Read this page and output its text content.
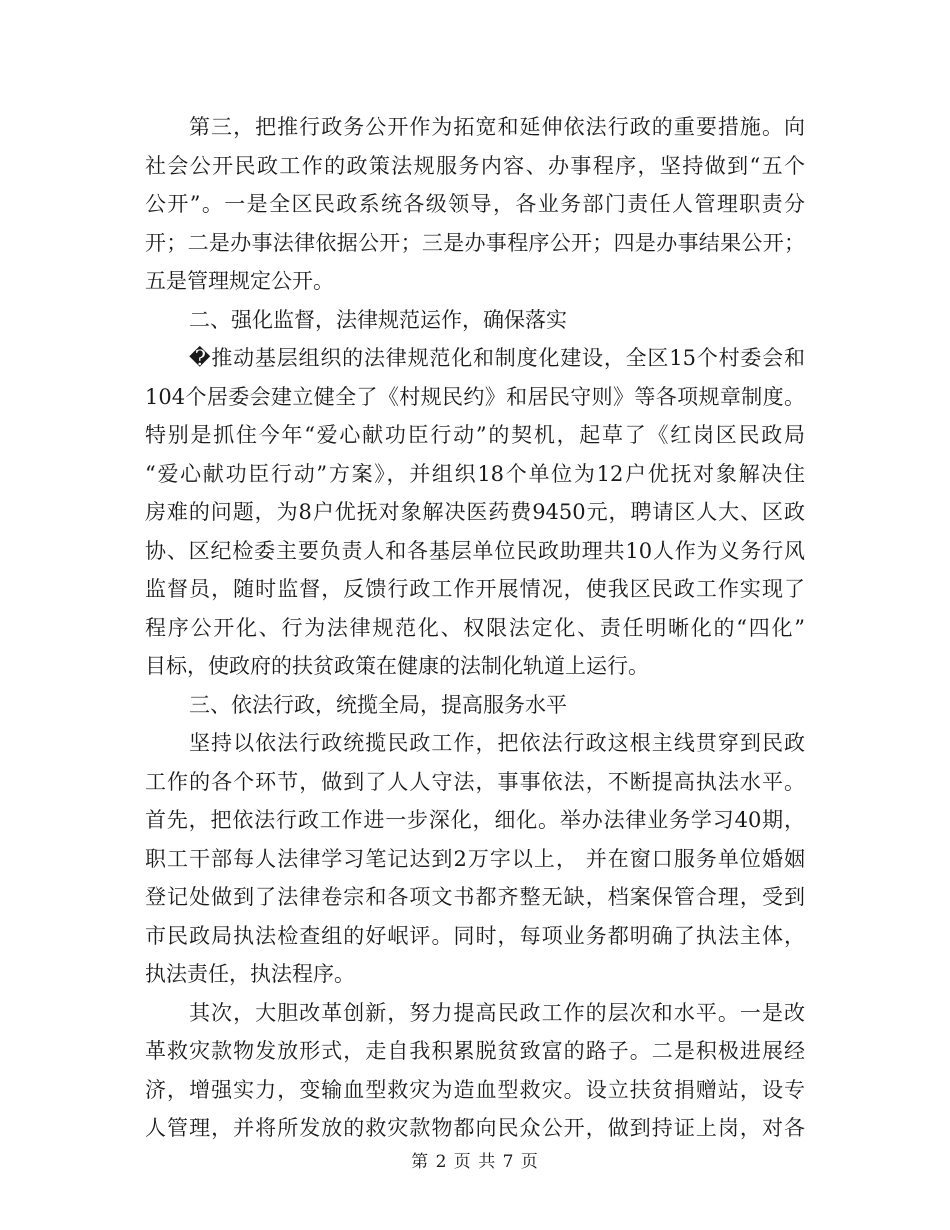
第三，把推行政务公开作为拓宽和延伸依法行政的重要措施。向
社会公开民政工作的政策法规服务内容、办事程序，坚持做到“五个
公开”。一是全区民政系统各级领导，各业务部门责任人管理职责分
开；二是办事法律依据公开；三是办事程序公开；四是办事结果公开；
五是管理规定公开。
二、强化监督，法律规范运作，确保落实
�推动基层组织的法律规范化和制度化建设，全区15个村委会和
104个居委会建立健全了《村规民约》和居民守则》等各项规章制度。
特别是抓住今年“爱心献功臣行动”的契机，起草了《红岗区民政局
“爱心献功臣行动”方案》，并组织18个单位为12户优抚对象解决住
房难的问题，为8户优抚对象解决医药费9450元，聘请区人大、区政
协、区纪检委主要负责人和各基层单位民政助理共10人作为义务行风
监督员，随时监督，反馈行政工作开展情况，使我区民政工作实现了
程序公开化、行为法律规范化、权限法定化、责任明晰化的“四化”
目标，使政府的扶贫政策在健康的法制化轨道上运行。
三、依法行政，统揽全局，提高服务水平
坚持以依法行政统揽民政工作，把依法行政这根主线贯穿到民政
工作的各个环节，做到了人人守法，事事依法，不断提高执法水平。
首先，把依法行政工作进一步深化，细化。举办法律业务学习40期，
职工干部每人法律学习笔记达到2万字以上， 并在窗口服务单位婚姻
登记处做到了法律卷宗和各项文书都齐整无缺，档案保管合理，受到
市民政局执法检查组的好岷评。同时，每项业务都明确了执法主体，
执法责任，执法程序。
其次，大胆改革创新，努力提高民政工作的层次和水平。一是改
革救灾款物发放形式，走自我积累脱贫致富的路子。二是积极进展经
济，增强实力，变输血型救灾为造血型救灾。设立扶贫捐赠站，设专
人管理，并将所发放的救灾款物都向民众公开，做到持证上岗，对各
第 2 页 共 7 页
